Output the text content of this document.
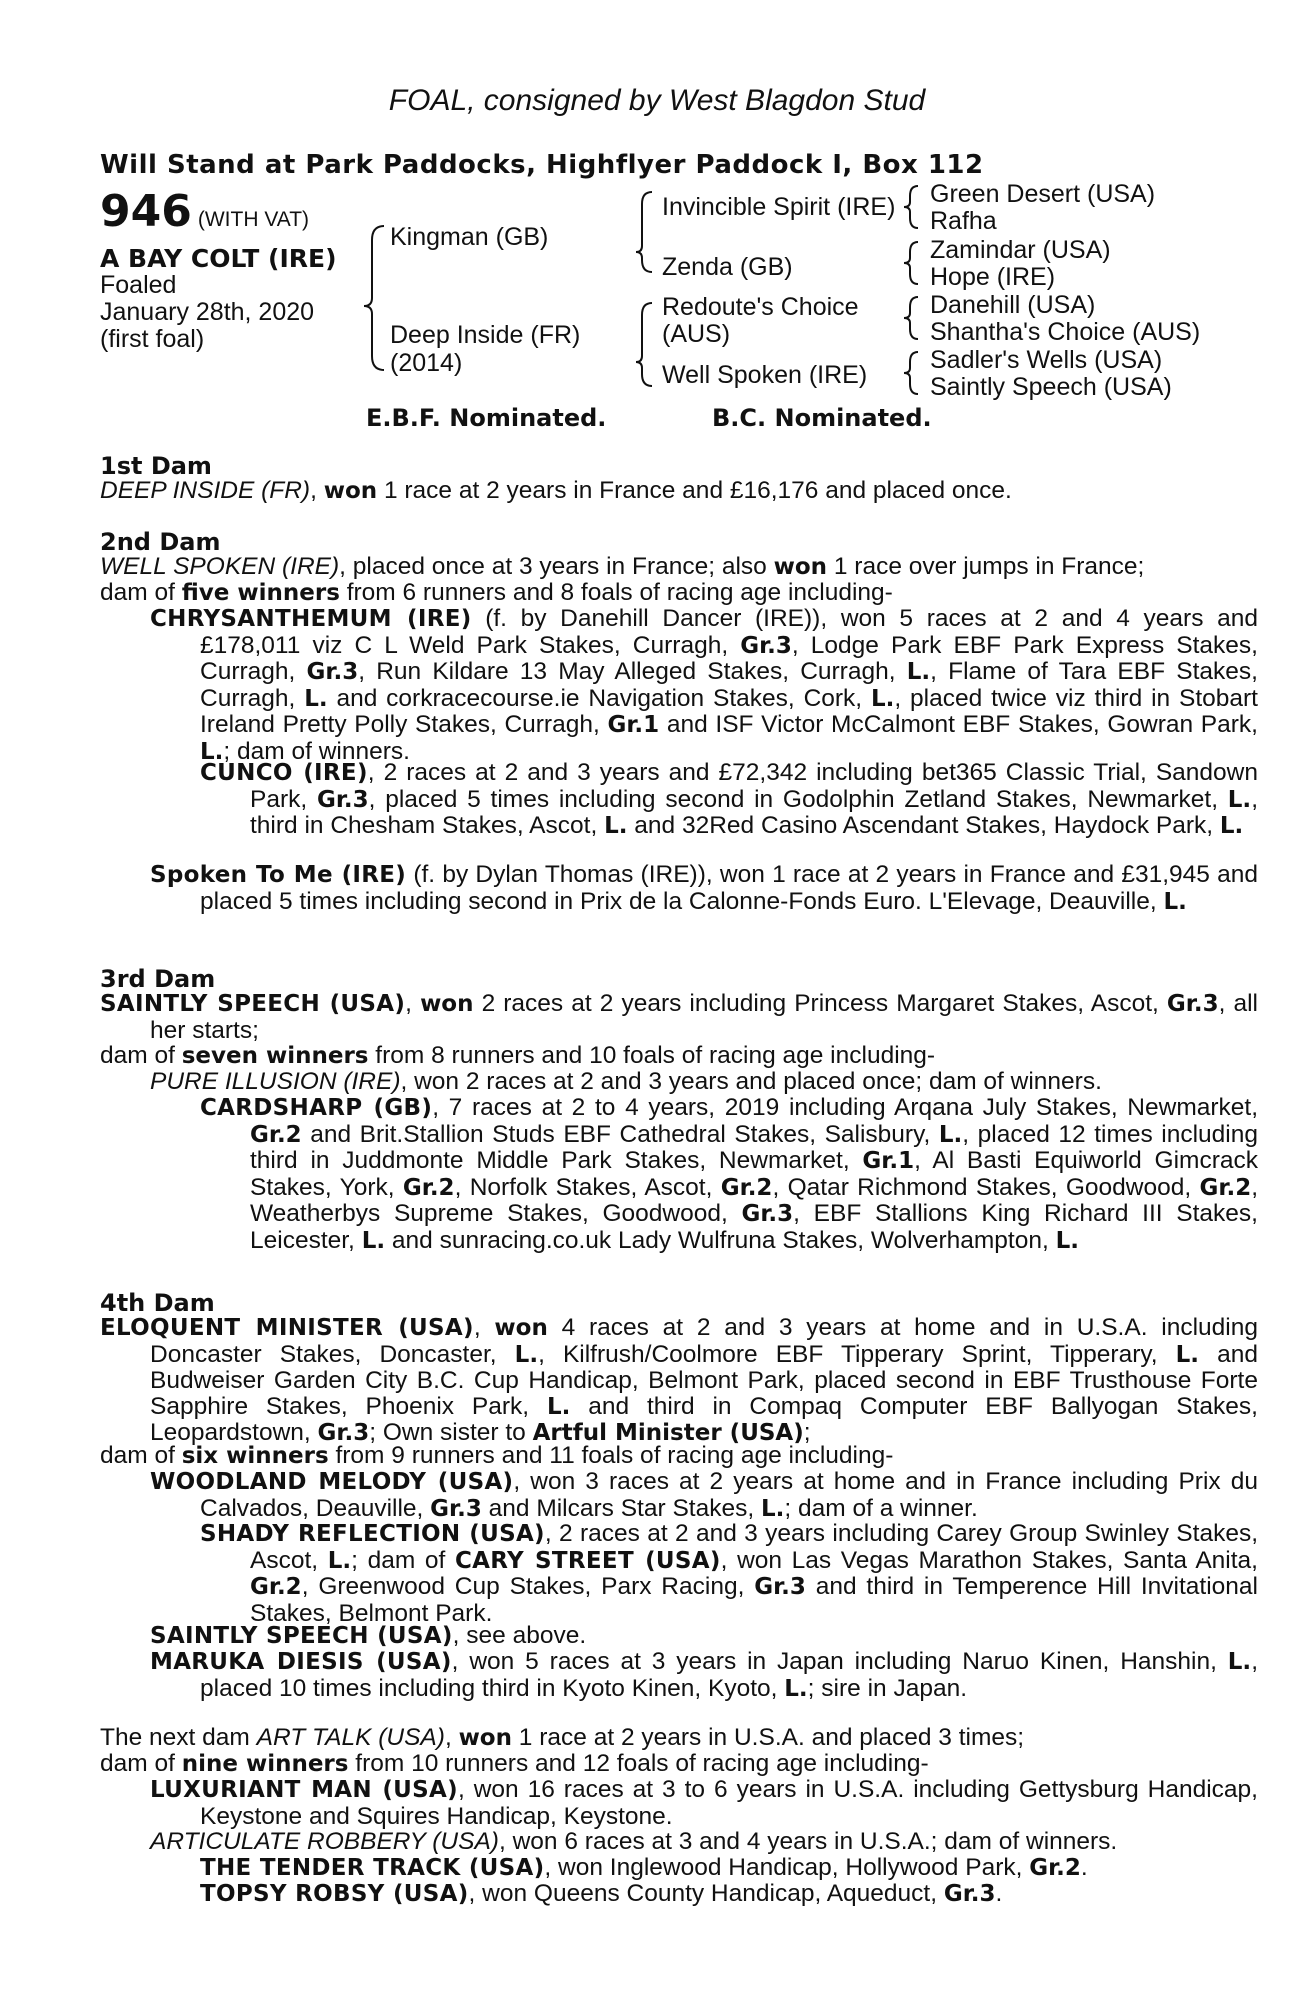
FOAL, consigned by West Blagdon Stud
Will Stand at Park Paddocks, Highflyer Paddock I, Box 112
946 (WITH VAT)
A BAY COLT (IRE)
Foaled
January 28th, 2020
(first foal)
Kingman (GB)
Deep Inside (FR)
(2014)
Invincible Spirit (IRE)
Zenda (GB)
Redoute's Choice
(AUS)
Well Spoken (IRE)
Green Desert (USA)
Rafha
Zamindar (USA)
Hope (IRE)
Danehill (USA)
Shantha's Choice (AUS)
Sadler's Wells (USA)
Saintly Speech (USA)
E.B.F. Nominated.	B.C. Nominated.
1st Dam
DEEP INSIDE (FR), won 1 race at 2 years in France and £16,176 and placed once.
2nd Dam
WELL SPOKEN (IRE), placed once at 3 years in France; also won 1 race over jumps in France;
dam of five winners from 6 runners and 8 foals of racing age including-
CHRYSANTHEMUM (IRE) (f. by Danehill Dancer (IRE)), won 5 races at 2 and 4 years and £178,011 viz C L Weld Park Stakes, Curragh, Gr.3, Lodge Park EBF Park Express Stakes, Curragh, Gr.3, Run Kildare 13 May Alleged Stakes, Curragh, L., Flame of Tara EBF Stakes, Curragh, L. and corkracecourse.ie Navigation Stakes, Cork, L., placed twice viz third in Stobart Ireland Pretty Polly Stakes, Curragh, Gr.1 and ISF Victor McCalmont EBF Stakes, Gowran Park, L.; dam of winners.
CUNCO (IRE), 2 races at 2 and 3 years and £72,342 including bet365 Classic Trial, Sandown Park, Gr.3, placed 5 times including second in Godolphin Zetland Stakes, Newmarket, L., third in Chesham Stakes, Ascot, L. and 32Red Casino Ascendant Stakes, Haydock Park, L.
Spoken To Me (IRE) (f. by Dylan Thomas (IRE)), won 1 race at 2 years in France and £31,945 and placed 5 times including second in Prix de la Calonne-Fonds Euro. L'Elevage, Deauville, L.
3rd Dam
SAINTLY SPEECH (USA), won 2 races at 2 years including Princess Margaret Stakes, Ascot, Gr.3, all her starts;
dam of seven winners from 8 runners and 10 foals of racing age including-
PURE ILLUSION (IRE), won 2 races at 2 and 3 years and placed once; dam of winners.
CARDSHARP (GB), 7 races at 2 to 4 years, 2019 including Arqana July Stakes, Newmarket, Gr.2 and Brit.Stallion Studs EBF Cathedral Stakes, Salisbury, L., placed 12 times including third in Juddmonte Middle Park Stakes, Newmarket, Gr.1, Al Basti Equiworld Gimcrack Stakes, York, Gr.2, Norfolk Stakes, Ascot, Gr.2, Qatar Richmond Stakes, Goodwood, Gr.2, Weatherbys Supreme Stakes, Goodwood, Gr.3, EBF Stallions King Richard III Stakes, Leicester, L. and sunracing.co.uk Lady Wulfruna Stakes, Wolverhampton, L.
4th Dam
ELOQUENT MINISTER (USA), won 4 races at 2 and 3 years at home and in U.S.A. including Doncaster Stakes, Doncaster, L., Kilfrush/Coolmore EBF Tipperary Sprint, Tipperary, L. and Budweiser Garden City B.C. Cup Handicap, Belmont Park, placed second in EBF Trusthouse Forte Sapphire Stakes, Phoenix Park, L. and third in Compaq Computer EBF Ballyogan Stakes, Leopardstown, Gr.3; Own sister to Artful Minister (USA);
dam of six winners from 9 runners and 11 foals of racing age including-
WOODLAND MELODY (USA), won 3 races at 2 years at home and in France including Prix du Calvados, Deauville, Gr.3 and Milcars Star Stakes, L.; dam of a winner.
SHADY REFLECTION (USA), 2 races at 2 and 3 years including Carey Group Swinley Stakes, Ascot, L.; dam of CARY STREET (USA), won Las Vegas Marathon Stakes, Santa Anita, Gr.2, Greenwood Cup Stakes, Parx Racing, Gr.3 and third in Temperence Hill Invitational Stakes, Belmont Park.
SAINTLY SPEECH (USA), see above.
MARUKA DIESIS (USA), won 5 races at 3 years in Japan including Naruo Kinen, Hanshin, L., placed 10 times including third in Kyoto Kinen, Kyoto, L.; sire in Japan.
The next dam ART TALK (USA), won 1 race at 2 years in U.S.A. and placed 3 times;
dam of nine winners from 10 runners and 12 foals of racing age including-
LUXURIANT MAN (USA), won 16 races at 3 to 6 years in U.S.A. including Gettysburg Handicap, Keystone and Squires Handicap, Keystone.
ARTICULATE ROBBERY (USA), won 6 races at 3 and 4 years in U.S.A.; dam of winners.
THE TENDER TRACK (USA), won Inglewood Handicap, Hollywood Park, Gr.2.
TOPSY ROBSY (USA), won Queens County Handicap, Aqueduct, Gr.3.
